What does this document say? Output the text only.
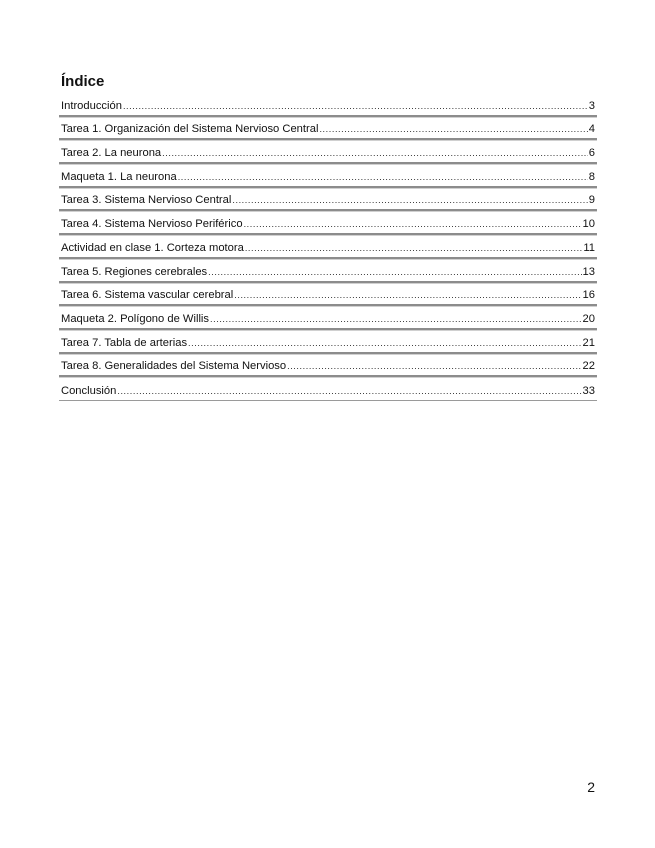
Índice
Introducción .....	3
Tarea 1. Organización del Sistema Nervioso Central .....	4
Tarea 2. La neurona .....	6
Maqueta 1. La neurona .....	8
Tarea 3. Sistema Nervioso Central .....	9
Tarea 4. Sistema Nervioso Periférico .....	10
Actividad en clase 1. Corteza motora .....	11
Tarea 5. Regiones cerebrales .....	13
Tarea 6. Sistema vascular cerebral .....	16
Maqueta 2. Polígono de Willis .....	20
Tarea 7. Tabla de arterias .....	21
Tarea 8. Generalidades del Sistema Nervioso .....	22
Conclusión .....	33
2
